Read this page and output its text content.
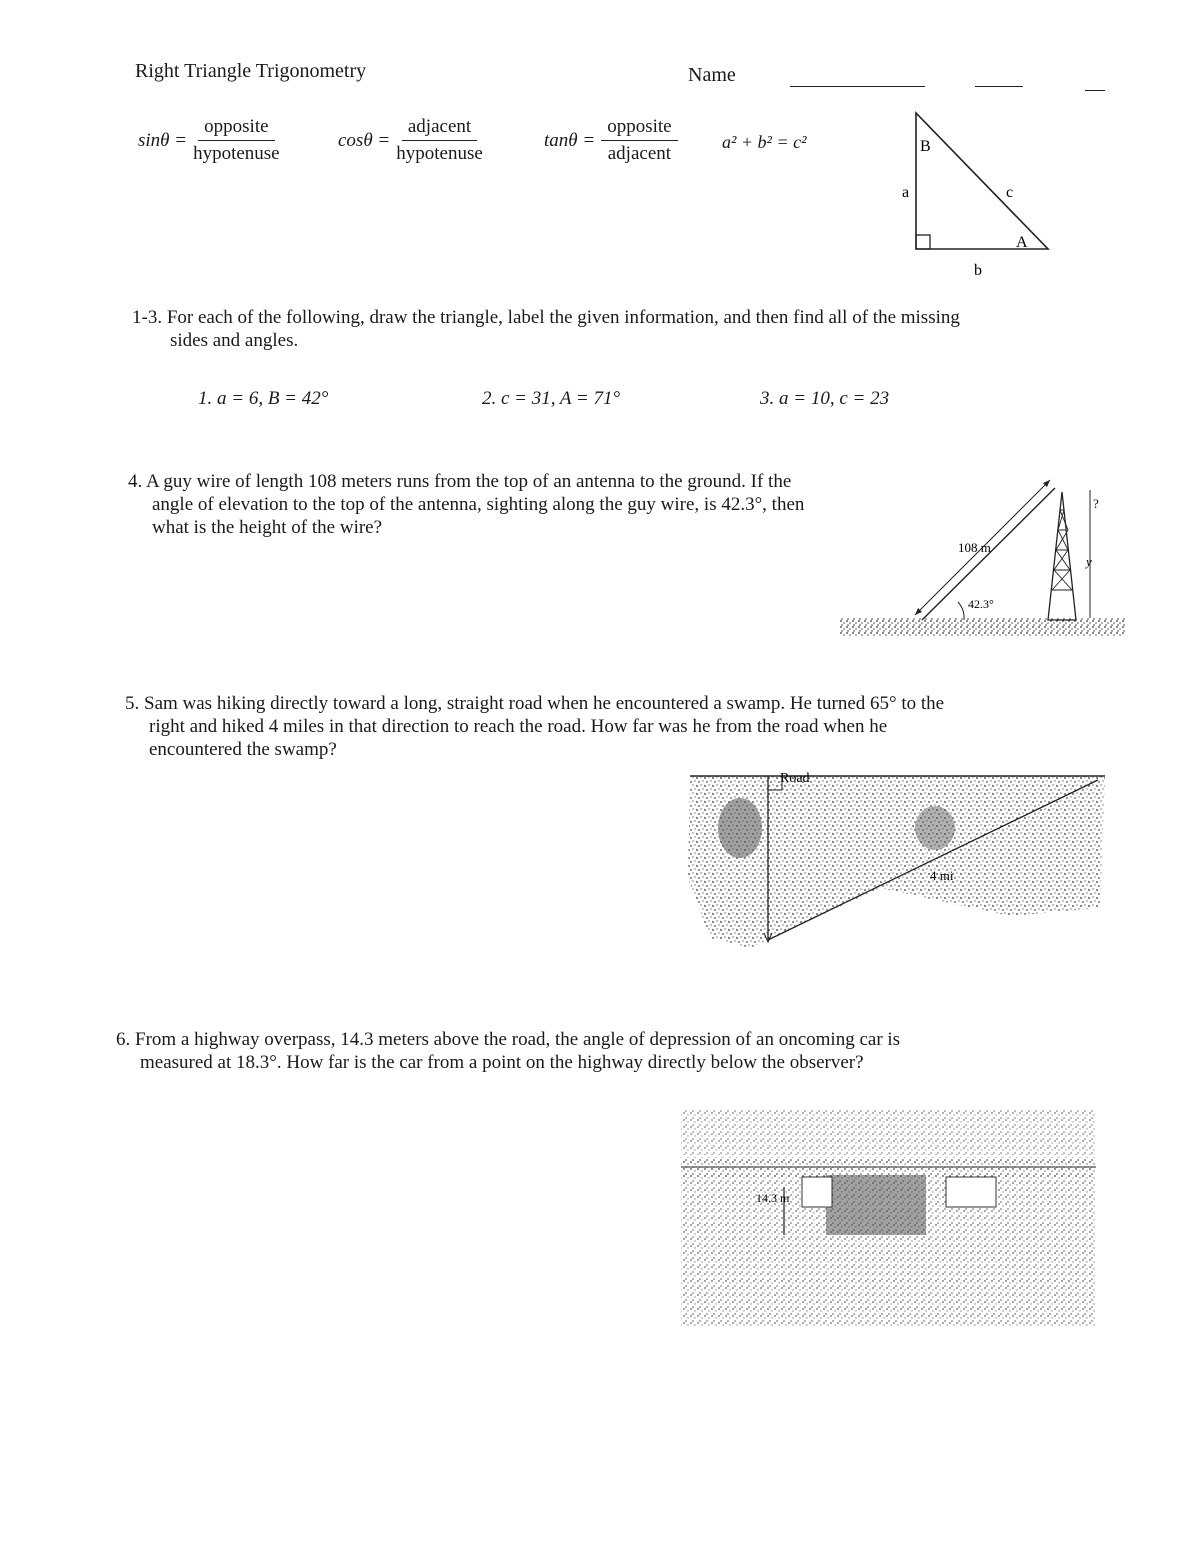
Right Triangle Trigonometry	Name
$\sin\theta = \frac{\text{opposite}}{\text{hypotenuse}}$	$\cos\theta = \frac{\text{adjacent}}{\text{hypotenuse}}$	$\tan\theta = \frac{\text{opposite}}{\text{adjacent}} a^2 + b^2 = c^2$	B
A
a
b
c
1-3. For each of the following, draw the triangle, label the given information, and then find all of the missing
sides and angles.
1. a = 6, B = 42°	2. c = 31, A = 71°	3. a = 10, c = 23
4. A guy wire of length 108 meters runs from the top of an antenna to the ground. If the
angle of elevation to the top of the antenna, sighting along the guy wire, is 42.3°, then
what is the height of the wire?
108 m
42.3°
?
y
5. Sam was hiking directly toward a long, straight road when he encountered a swamp. He turned 65° to the
right and hiked 4 miles in that direction to reach the road. How far was he from the road when he
encountered the swamp?
Road
4 mi
6. From a highway overpass, 14.3 meters above the road, the angle of depression of an oncoming car is
measured at 18.3°. How far is the car from a point on the highway directly below the observer?
14.3 m
